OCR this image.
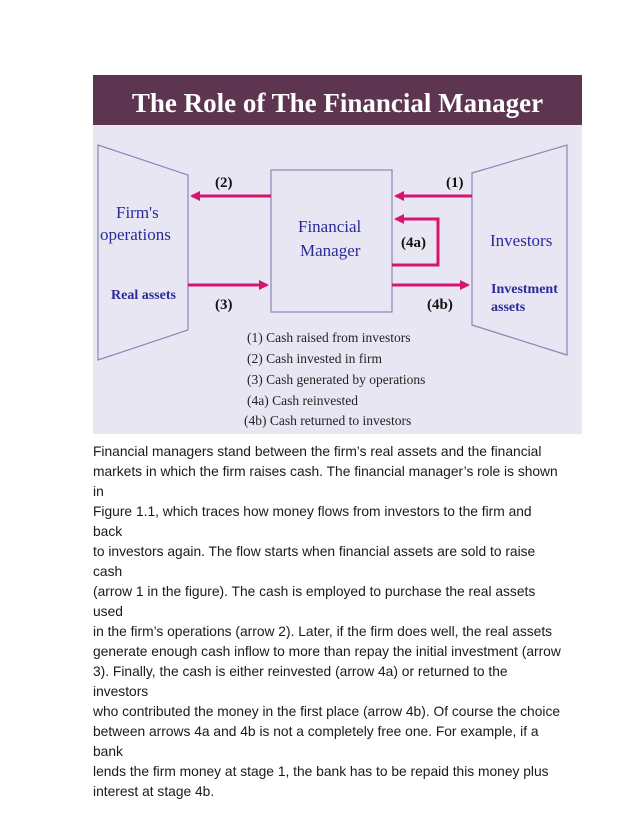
The Role of The Financial Manager
Firm's
operations
Real assets
Financial
Manager
Investors
Investment
assets
(2)	(1)
(4a)
(3)	(4b)
(1) Cash raised from investors
(2) Cash invested in firm
(3) Cash generated by operations
(4a) Cash reinvested
(4b) Cash returned to investors
Financial managers stand between the firm’s real assets and the financial
markets in which the firm raises cash. The financial manager’s role is shown in
Figure 1.1, which traces how money flows from investors to the firm and back
to investors again. The flow starts when financial assets are sold to raise cash
(arrow 1 in the figure). The cash is employed to purchase the real assets used
in the firm’s operations (arrow 2). Later, if the firm does well, the real assets
generate enough cash inflow to more than repay the initial investment (arrow
3). Finally, the cash is either reinvested (arrow 4a) or returned to the investors
who contributed the money in the first place (arrow 4b). Of course the choice
between arrows 4a and 4b is not a completely free one. For example, if a bank
lends the firm money at stage 1, the bank has to be repaid this money plus
interest at stage 4b.
